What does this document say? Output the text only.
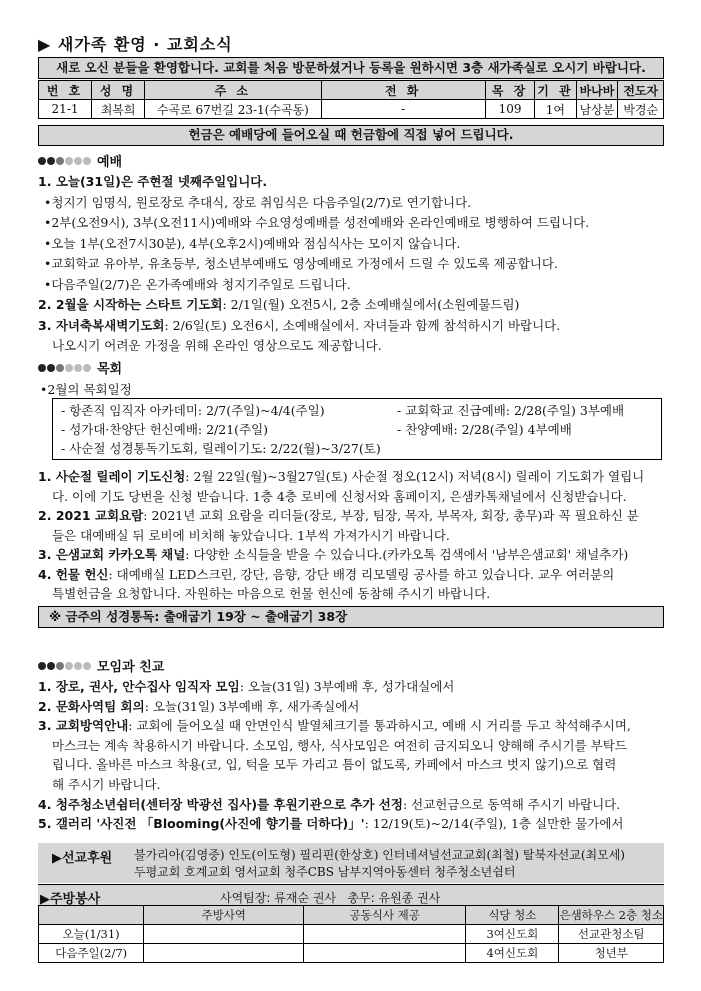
▶ 새가족 환영 · 교회소식
새로 오신 분들을 환영합니다. 교회를 처음 방문하셨거나 등록을 원하시면 3층 새가족실로 오시기 바랍니다.
번 호	성 명	주 소	전 화	목 장	기 관	바나바	전도자
21-1	최복희	수곡로 67번길 23-1(수곡동)	-	109	1여	남상분	박경순
헌금은 예배당에 들어오실 때 헌금함에 직접 넣어 드립니다.
예배
1. 오늘(31일)은 주현절 넷째주일입니다.
•청지기 임명식, 원로장로 추대식, 장로 취임식은 다음주일(2/7)로 연기합니다.
•2부(오전9시), 3부(오전11시)예배와 수요영성예배를 성전예배와 온라인예배로 병행하여 드립니다.
•오늘 1부(오전7시30분), 4부(오후2시)예배와 점심식사는 모이지 않습니다.
•교회학교 유아부, 유초등부, 청소년부예배도 영상예배로 가정에서 드릴 수 있도록 제공합니다.
•다음주일(2/7)은 온가족예배와 청지기주일로 드립니다.
2. 2월을 시작하는 스타트 기도회: 2/1일(월) 오전5시, 2층 소예배실에서(소원예물드림)
3. 자녀축복새벽기도회: 2/6일(토) 오전6시, 소예배실에서. 자녀들과 함께 참석하시기 바랍니다.
나오시기 어려운 가정을 위해 온라인 영상으로도 제공합니다.
목회
•2월의 목회일정
- 항존직 임직자 아카데미: 2/7(주일)~4/4(주일)	- 교회학교 진급예배: 2/28(주일) 3부예배
- 성가대·찬양단 헌신예배: 2/21(주일)	- 찬양예배: 2/28(주일) 4부예배
- 사순절 성경통독기도회, 릴레이기도: 2/22(월)~3/27(토)
1. 사순절 릴레이 기도신청: 2월 22일(월)~3월27일(토) 사순절 정오(12시) 저녁(8시) 릴레이 기도회가 열립니
다. 이에 기도 당번을 신청 받습니다. 1층 4층 로비에 신청서와 홈페이지, 은샘카톡채널에서 신청받습니다.
2. 2021 교회요람: 2021년 교회 요람을 리더들(장로, 부장, 팀장, 목자, 부목자, 회장, 총무)과 꼭 필요하신 분
들은 대예배실 뒤 로비에 비치해 놓았습니다. 1부씩 가져가시기 바랍니다.
3. 은샘교회 카카오톡 채널: 다양한 소식들을 받을 수 있습니다.(카카오톡 검색에서 '남부은샘교회' 채널추가)
4. 헌물 헌신: 대예배실 LED스크린, 강단, 음향, 강단 배경 리모델링 공사를 하고 있습니다. 교우 여러분의
특별헌금을 요청합니다. 자원하는 마음으로 헌물 헌신에 동참해 주시기 바랍니다.
※ 금주의 성경통독: 출애굽기 19장 ~ 출애굽기 38장
모임과 친교
1. 장로, 권사, 안수집사 임직자 모임: 오늘(31일) 3부예배 후, 성가대실에서
2. 문화사역팀 회의: 오늘(31일) 3부예배 후, 새가족실에서
3. 교회방역안내: 교회에 들어오실 때 안면인식 발열체크기를 통과하시고, 예배 시 거리를 두고 착석해주시며,
마스크는 계속 착용하시기 바랍니다. 소모임, 행사, 식사모임은 여전히 금지되오니 양해해 주시기를 부탁드
립니다. 올바른 마스크 착용(코, 입, 턱을 모두 가리고 틈이 없도록, 카페에서 마스크 벗지 않기)으로 협력
해 주시기 바랍니다.
4. 청주청소년쉼터(센터장 박광선 집사)를 후원기관으로 추가 선정: 선교헌금으로 동역해 주시기 바랍니다.
5. 갤러리 '사진전 「Blooming(사진에 향기를 더하다)」': 12/19(토)~2/14(주일), 1층 실만한 물가에서
▶선교후원 불가리아(김영중) 인도(이도형) 필리핀(한상호) 인터네셔널선교교회(최철) 탈북자선교(최모세)
두평교회 호계교회 영서교회 청주CBS 남부지역아동센터 청주청소년쉼터
▶주방봉사	사역팀장: 류재순 권사   총무: 유원종 권사
	주방사역	공동식사 제공	식당 청소	은샘하우스 2층 청소
오늘(1/31)			3여신도회	선교관청소팀
다음주일(2/7)			4여신도회	청년부
